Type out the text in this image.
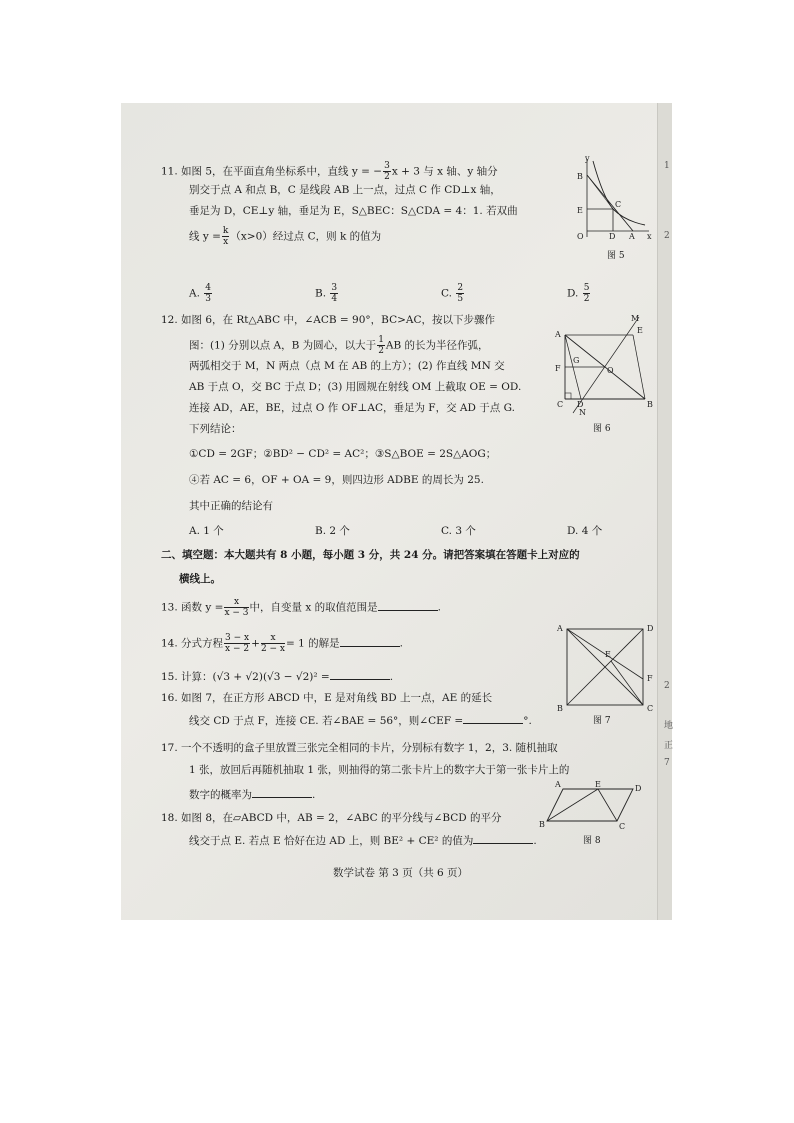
1
2
2
地
正
7
11. 如图 5，在平面直角坐标系中，直线 y = − $\frac{3}{2}$ x + 3 与 x 轴、y 轴分
别交于点 A 和点 B，C 是线段 AB 上一点，过点 C 作 CD⊥x 轴，
垂足为 D，CE⊥y 轴，垂足为 E，S△BEC：S△CDA = 4：1. 若双曲
线 $y = \frac{k}{x} (x>0)$经过点 C，则 k 的值为
A. $\frac{4}{3}$	B. $\frac{3}{4}$	C. $\frac{2}{5}$	D. $\frac{5}{2}$
y
x
B
E
C
O	D A
图 5
12. 如图 6，在 Rt△ABC 中，∠ACB = 90°，BC>AC，按以下步骤作
图：(1) 分别以点 A，B 为圆心，以大于 $\frac{1}{2}$ AB 的长为半径作弧，
两弧相交于 M，N 两点（点 M 在 AB 的上方）；(2) 作直线 MN 交
AB 于点 O，交 BC 于点 D；(3) 用圆规在射线 OM 上截取 OE = OD.
连接 AD，AE，BE，过点 O 作 OF⊥AC，垂足为 F，交 AD 于点 G.
下列结论：
①CD = 2GF；②BD² − CD² = AC²；③S△BOE = 2S△AOG；
④若 AC = 6，OF + OA = 9，则四边形 ADBE 的周长为 25.
其中正确的结论有
A. 1 个	B. 2 个	C. 3 个	D. 4 个
M
E
A
G
F	O
C D
N
B
图 6
二、填空题：本大题共有 8 小题，每小题 3 分，共 24 分。请把答案填在答题卡上对应的
横线上。
13. 函数 $y = \frac{x}{x - 3}$ 中，自变量 x 的取值范围是	.
14. 分式方程 $\frac{3 - x}{x - 2} + \frac{x}{2 - x} = 1$ 的解是	.
15. 计算：(√3 + √2)(√3 − √2)² =	.
16. 如图 7，在正方形 ABCD 中，E 是对角线 BD 上一点，AE 的延长
线交 CD 于点 F，连接 CE. 若∠BAE = 56°，则∠CEF =	°.
A	D
E
F
B	C
图 7
17. 一个不透明的盒子里放置三张完全相同的卡片，分别标有数字 1，2，3. 随机抽取
1 张，放回后再随机抽取 1 张，则抽得的第二张卡片上的数字大于第一张卡片上的
数字的概率为	.
18. 如图 8，在▱ABCD 中，AB = 2，∠ABC 的平分线与∠BCD 的平分
线交于点 E. 若点 E 恰好在边 AD 上，则 BE² + CE² 的值为	.
A	E	D
B	C
图 8
数学试卷 第 3 页（共 6 页）
